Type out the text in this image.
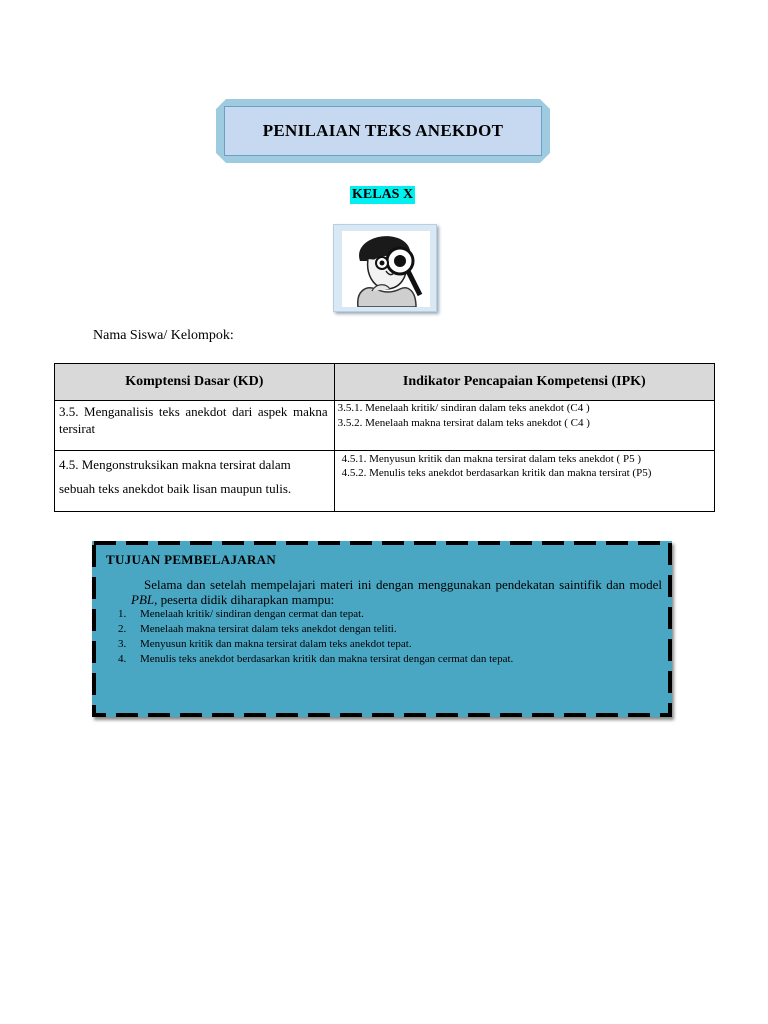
PENILAIAN TEKS ANEKDOT
KELAS X
Nama Siswa/ Kelompok:
Komptensi Dasar (KD)	Indikator Pencapaian Kompetensi (IPK)

3.5. Menganalisis teks anekdot dari aspek makna tersirat	3.5.1. Menelaah kritik/ sindiran dalam teks anekdot (C4 )
3.5.2. Menelaah makna tersirat dalam teks anekdot ( C4 )

4.5. Mengonstruksikan makna tersirat dalam sebuah teks anekdot baik lisan maupun tulis.	4.5.1. Menyusun kritik dan makna tersirat dalam teks anekdot ( P5 )
4.5.2. Menulis teks anekdot berdasarkan kritik dan makna tersirat (P5)
TUJUAN PEMBELAJARAN
Selama dan setelah mempelajari materi ini dengan menggunakan pendekatan saintifik dan model PBL, peserta didik diharapkan mampu:
1. Menelaah kritik/ sindiran dengan cermat dan tepat.
2. Menelaah makna tersirat dalam teks anekdot dengan teliti.
3. Menyusun kritik dan makna tersirat dalam teks anekdot tepat.
4. Menulis teks anekdot berdasarkan kritik dan makna tersirat dengan cermat dan tepat.
